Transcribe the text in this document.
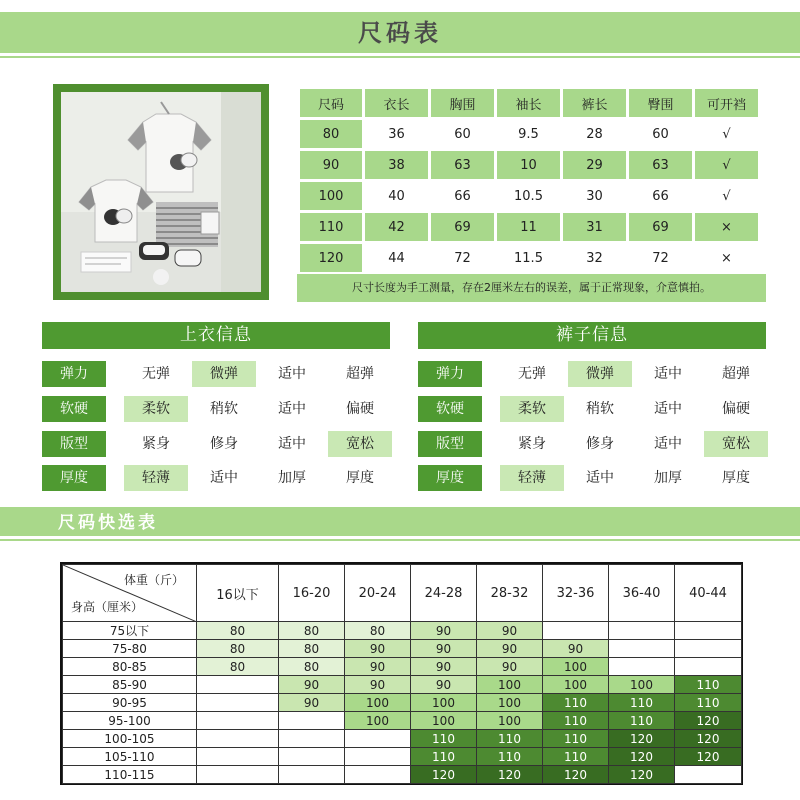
尺码表
尺码	衣长	胸围	袖长	裤长	臀围	可开裆
80	36	60	9.5	28	60	√
90	38	63	10	29	63	√
100	40	66	10.5	30	66	√
110	42	69	11	31	69	×
120	44	72	11.5	32	72	×
尺寸长度为手工测量，存在2厘米左右的误差，属于正常现象，介意慎拍。
上衣信息
弹力	无弹	微弹	适中	超弹
软硬	柔软	稍软	适中	偏硬
版型	紧身	修身	适中	宽松
厚度	轻薄	适中	加厚	厚度
裤子信息
弹力	无弹	微弹	适中	超弹
软硬	柔软	稍软	适中	偏硬
版型	紧身	修身	适中	宽松
厚度	轻薄	适中	加厚	厚度
尺码快选表
体重（斤）
身高（厘米）	16以下	16-20	20-24	24-28	28-32	32-36	36-40	40-44
75以下	80	80	80	90	90			
75-80	80	80	90	90	90	90		
80-85	80	80	90	90	90	100		
85-90		90	90	90	100	100	100	110
90-95		90	100	100	100	110	110	110
95-100			100	100	100	110	110	120
100-105				110	110	110	120	120
105-110				110	110	110	120	120
110-115				120	120	120	120	
